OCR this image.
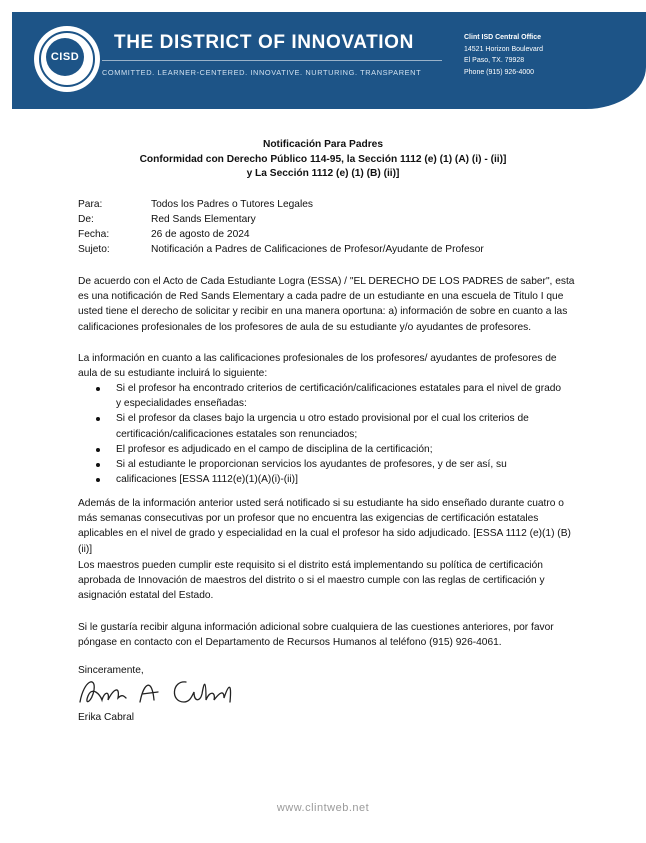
CISD
THE DISTRICT OF INNOVATION
COMMITTED. LEARNER-CENTERED. INNOVATIVE. NURTURING. TRANSPARENT
Clint ISD Central Office
14521 Horizon Boulevard
El Paso, TX. 79928
Phone (915) 926-4000
Notificación Para Padres
Conformidad con Derecho Público 114-95, la Sección 1112 (e) (1) (A) (i) - (ii)]
y La Sección 1112 (e) (1) (B) (ii)]
Para:	Todos los Padres o Tutores Legales
De:	Red Sands Elementary
Fecha:	26 de agosto de 2024
Sujeto:	Notificación a Padres de Calificaciones de Profesor/Ayudante de Profesor
De acuerdo con el Acto de Cada Estudiante Logra (ESSA) / "EL DERECHO DE LOS PADRES de saber", esta es una notificación de Red Sands Elementary a cada padre de un estudiante en una escuela de Titulo I que usted tiene el derecho de solicitar y recibir en una manera oportuna: a) información de sobre en cuanto a las calificaciones profesionales de los profesores de aula de su estudiante y/o ayudantes de profesores.
La información en cuanto a las calificaciones profesionales de los profesores/ ayudantes de profesores de aula de su estudiante incluirá lo siguiente:
Si el profesor ha encontrado criterios de certificación/calificaciones estatales para el nivel de grado y especialidades enseñadas:
Si el profesor da clases bajo la urgencia u otro estado provisional por el cual los criterios de certificación/calificaciones estatales son renunciados;
El profesor es adjudicado en el campo de disciplina de la certificación;
Si al estudiante le proporcionan servicios los ayudantes de profesores, y de ser así, su
calificaciones [ESSA 1112(e)(1)(A)(i)-(ii)]
Además de la información anterior usted será notificado si su estudiante ha sido enseñado durante cuatro o más semanas consecutivas por un profesor que no encuentra las exigencias de certificación estatales aplicables en el nivel de grado y especialidad en la cual el profesor ha sido adjudicado. [ESSA 1112 (e)(1) (B)(ii)]
Los maestros pueden cumplir este requisito si el distrito está implementando su política de certificación aprobada de Innovación de maestros del distrito o si el maestro cumple con las reglas de certificación y asignación estatal del Estado.
Si le gustaría recibir alguna información adicional sobre cualquiera de las cuestiones anteriores, por favor póngase en contacto con el Departamento de Recursos Humanos al teléfono (915) 926-4061.
Sinceramente,
Erika Cabral
www.clintweb.net
